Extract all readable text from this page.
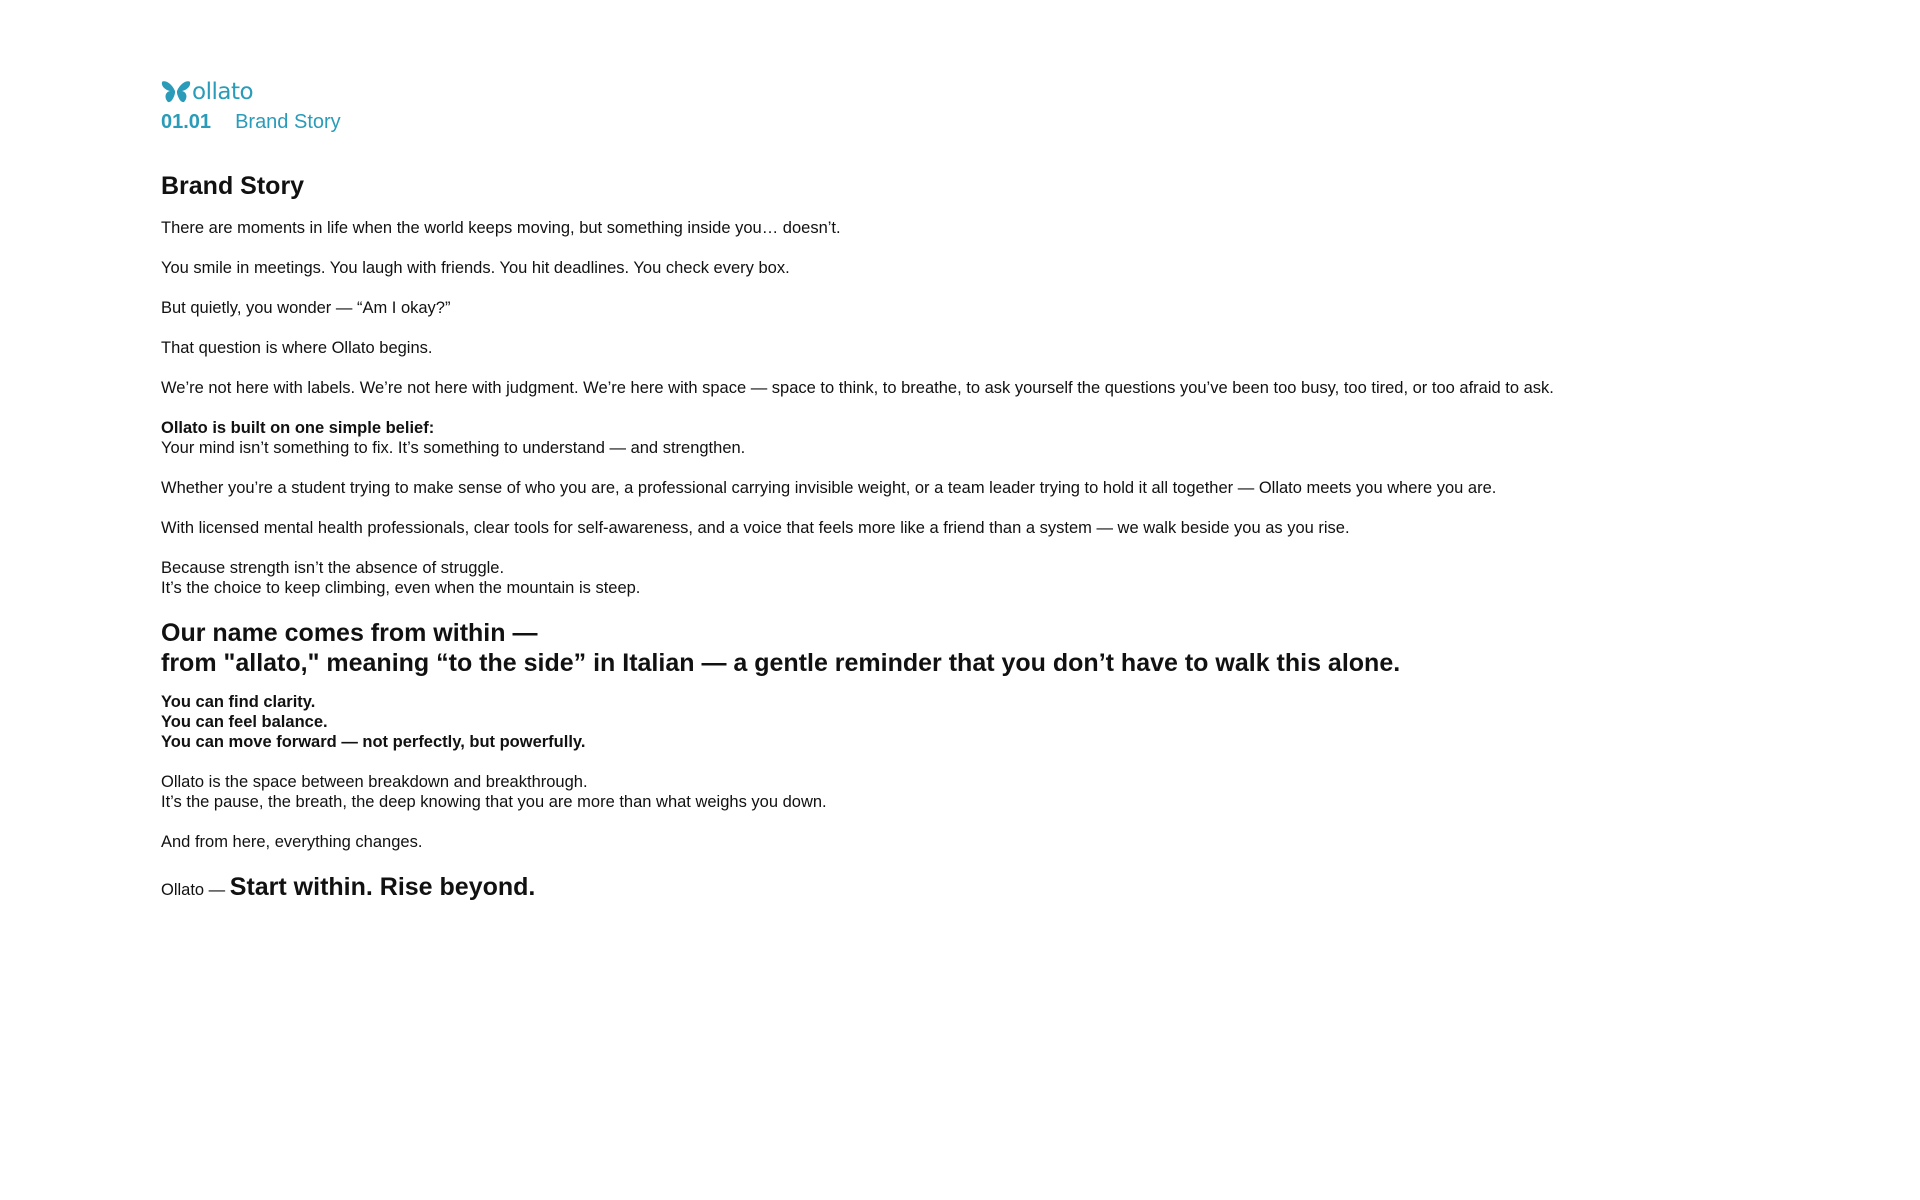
ollato
01.01 Brand Story
Brand Story

There are moments in life when the world keeps moving, but something inside you… doesn’t.

You smile in meetings. You laugh with friends. You hit deadlines. You check every box.

But quietly, you wonder — “Am I okay?”

That question is where Ollato begins.

We’re not here with labels. We’re not here with judgment. We’re here with space — space to think, to breathe, to ask yourself the questions you’ve been too busy, too tired, or too afraid to ask.

Ollato is built on one simple belief:
Your mind isn’t something to fix. It’s something to understand — and strengthen.

Whether you’re a student trying to make sense of who you are, a professional carrying invisible weight, or a team leader trying to hold it all together — Ollato meets you where you are.

With licensed mental health professionals, clear tools for self-awareness, and a voice that feels more like a friend than a system — we walk beside you as you rise.

Because strength isn’t the absence of struggle.
It’s the choice to keep climbing, even when the mountain is steep.

Our name comes from within —
from "allato," meaning “to the side” in Italian — a gentle reminder that you don’t have to walk this alone.

You can find clarity.
You can feel balance.
You can move forward — not perfectly, but powerfully.

Ollato is the space between breakdown and breakthrough.
It’s the pause, the breath, the deep knowing that you are more than what weighs you down.

And from here, everything changes.

Ollato — Start within. Rise beyond.
